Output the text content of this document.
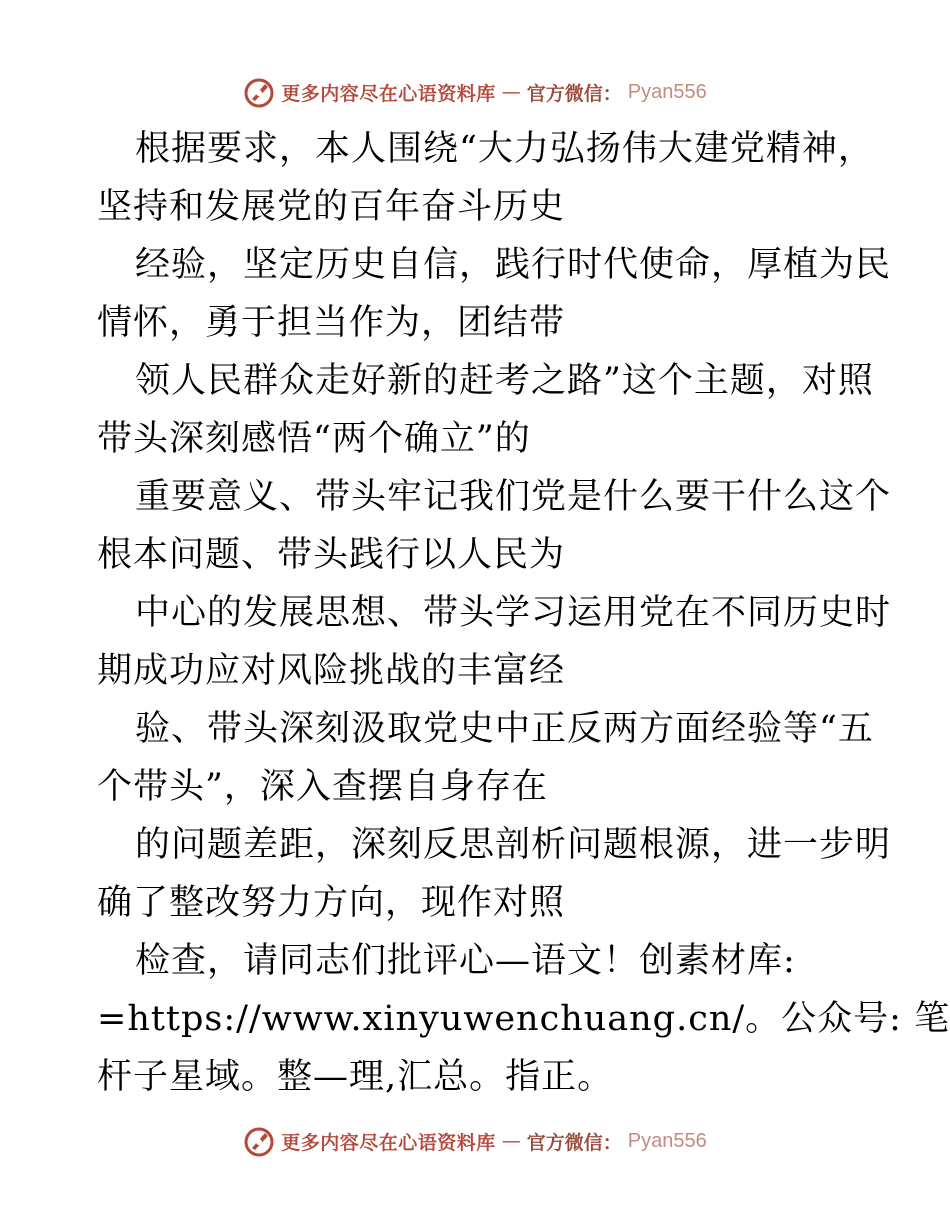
更多内容尽在心语资料库 — 官方微信： Pyan556
根据要求，本人围绕“大力弘扬伟大建党精神，
坚持和发展党的百年奋斗历史
经验，坚定历史自信，践行时代使命，厚植为民
情怀，勇于担当作为，团结带
领人民群众走好新的赶考之路”这个主题，对照
带头深刻感悟“两个确立”的
重要意义、带头牢记我们党是什么要干什么这个
根本问题、带头践行以人民为
中心的发展思想、带头学习运用党在不同历史时
期成功应对风险挑战的丰富经
验、带头深刻汲取党史中正反两方面经验等“五
个带头”，深入查摆自身存在
的问题差距，深刻反思剖析问题根源，进一步明
确了整改努力方向，现作对照
检查，请同志们批评心—语文！创素材库:
=https://www.xinyuwenchuang.cn/。公众号: 笔
杆子星域。整—理,汇总。指正。
更多内容尽在心语资料库 — 官方微信： Pyan556
